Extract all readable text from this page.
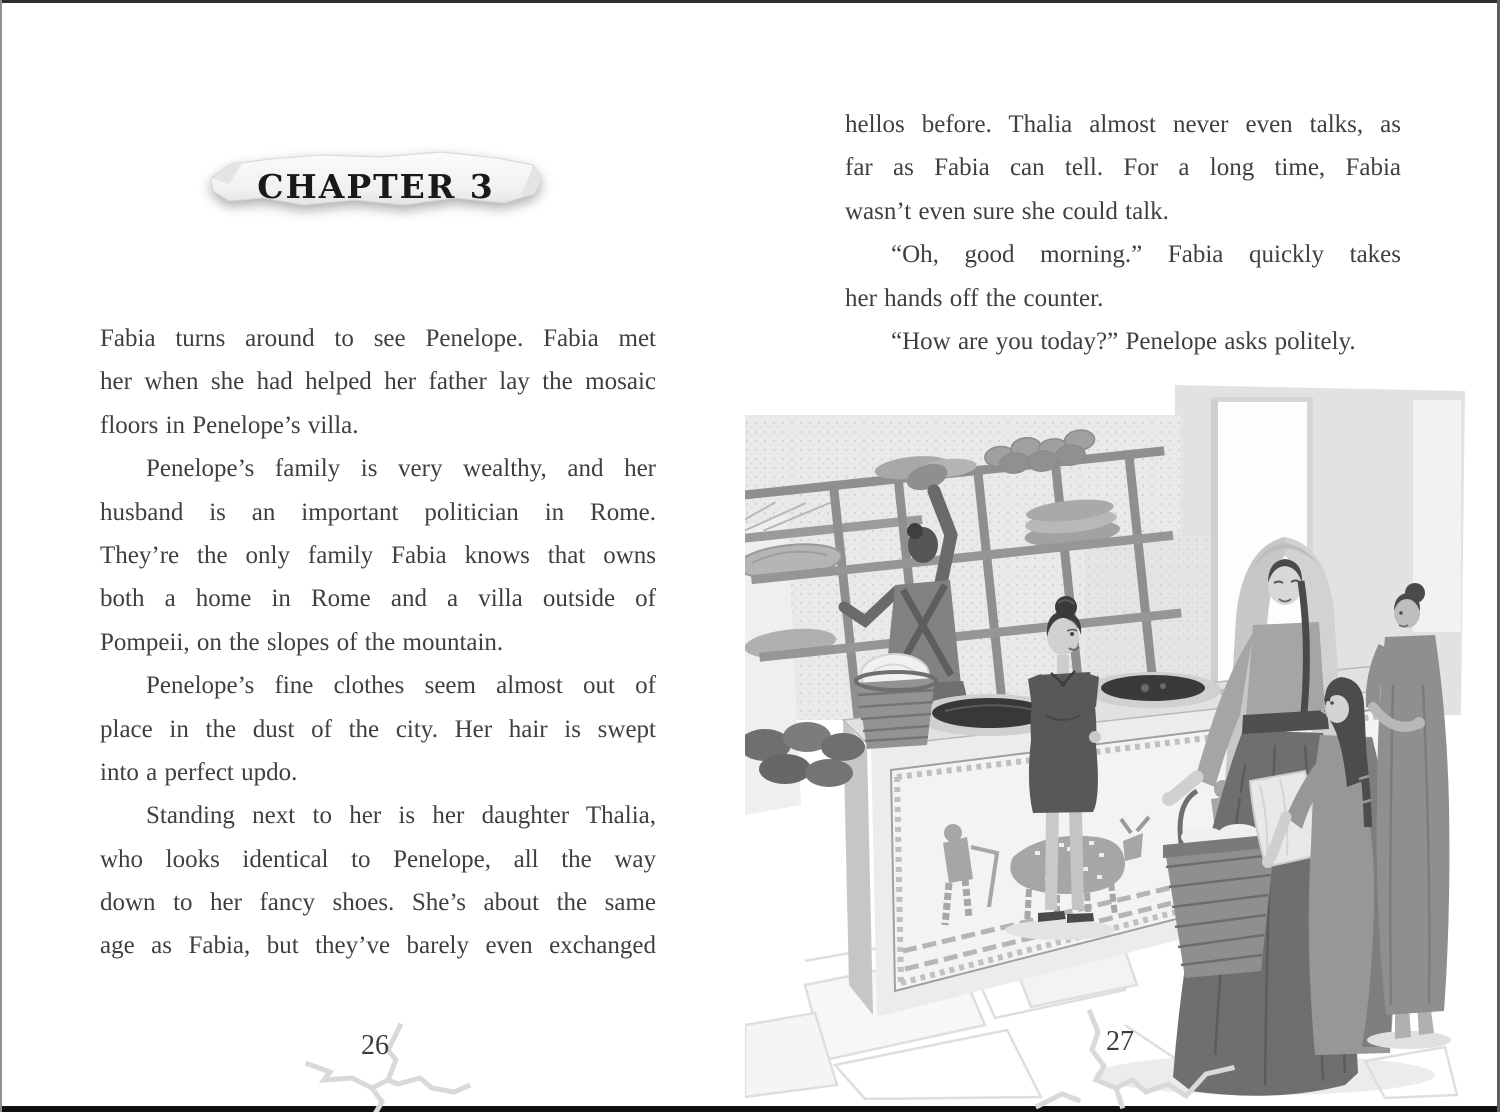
CHAPTER 3
Fabia turns around to see Penelope. Fabia met
her when she had helped her father lay the mosaic
floors in Penelope’s villa.
Penelope’s family is very wealthy, and her
husband is an important politician in Rome.
They’re the only family Fabia knows that owns
both a home in Rome and a villa outside of
Pompeii, on the slopes of the mountain.
Penelope’s fine clothes seem almost out of
place in the dust of the city. Her hair is swept
into a perfect updo.
Standing next to her is her daughter Thalia,
who looks identical to Penelope, all the way
down to her fancy shoes. She’s about the same
age as Fabia, but they’ve barely even exchanged
26
hellos before. Thalia almost never even talks, as
far as Fabia can tell. For a long time, Fabia
wasn’t even sure she could talk.
“Oh, good morning.” Fabia quickly takes
her hands off the counter.
“How are you today?” Penelope asks politely.
27
